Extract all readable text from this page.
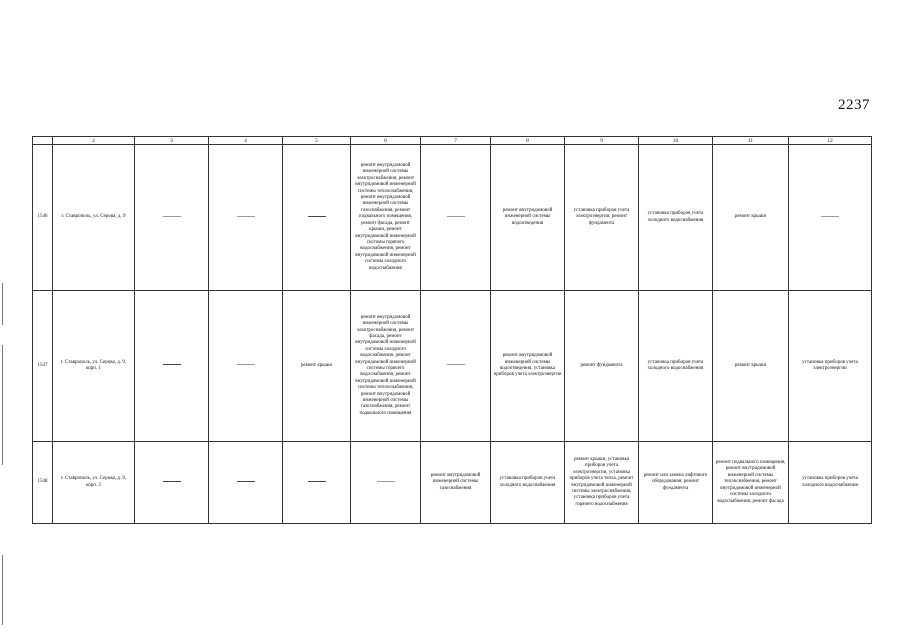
2237
	2	3	4	5	6	7	8	9	10	11	12
1546	г. Ставрополь, ул. Серова, д. 9				ремонт внутридомовой инженерной системы электроснабжения, ремонт внутридомовой инженерной системы теплоснабжения, ремонт внутридомовой инженерной системы газоснабжения, ремонт подвального помещения, ремонт фасада, ремонт крыши, ремонт внутридомовой инженерной системы горячего водоснабжения, ремонт внутридомовой инженерной системы холодного водоснабжения		ремонт внутридомовой инженерной системы водоотведения	установка приборов учета электроэнергии, ремонт фундамента	установка приборов учета холодного водоснабжения	ремонт крыши	
1547	г. Ставрополь, ул. Серова, д. 9, корп. 1			ремонт крыши	ремонт внутридомовой инженерной системы электроснабжения, ремонт фасада, ремонт внутридомовой инженерной системы холодного водоснабжения, ремонт внутридомовой инженерной системы горячего водоснабжения, ремонт внутридомовой инженерной системы теплоснабжения, ремонт внутридомовой инженерной системы газоснабжения, ремонт подвального помещения		ремонт внутридомовой инженерной системы водоотведения, установка приборов учета электроэнергии	ремонт фундамента	установка приборов учета холодного водоснабжения	ремонт крыши	установка приборов учета электроэнергии
1548	г. Ставрополь, ул. Серова, д. 9, корп. 2					ремонт внутридомовой инженерной системы газоснабжения	установка приборов учета холодного водоснабжения	ремонт крыши, установка приборов учета электроэнергии, установка приборов учета тепла, ремонт внутридомовой инженерной системы электроснабжения, установка приборов учета горячего водоснабжения	ремонт или замена лифтового оборудования, ремонт фундамента	ремонт подвального помещения, ремонт внутридомовой инженерной системы теплоснабжения, ремонт внутридомовой инженерной системы холодного водоснабжения, ремонт фасада	установка приборов учета холодного водоснабжения
